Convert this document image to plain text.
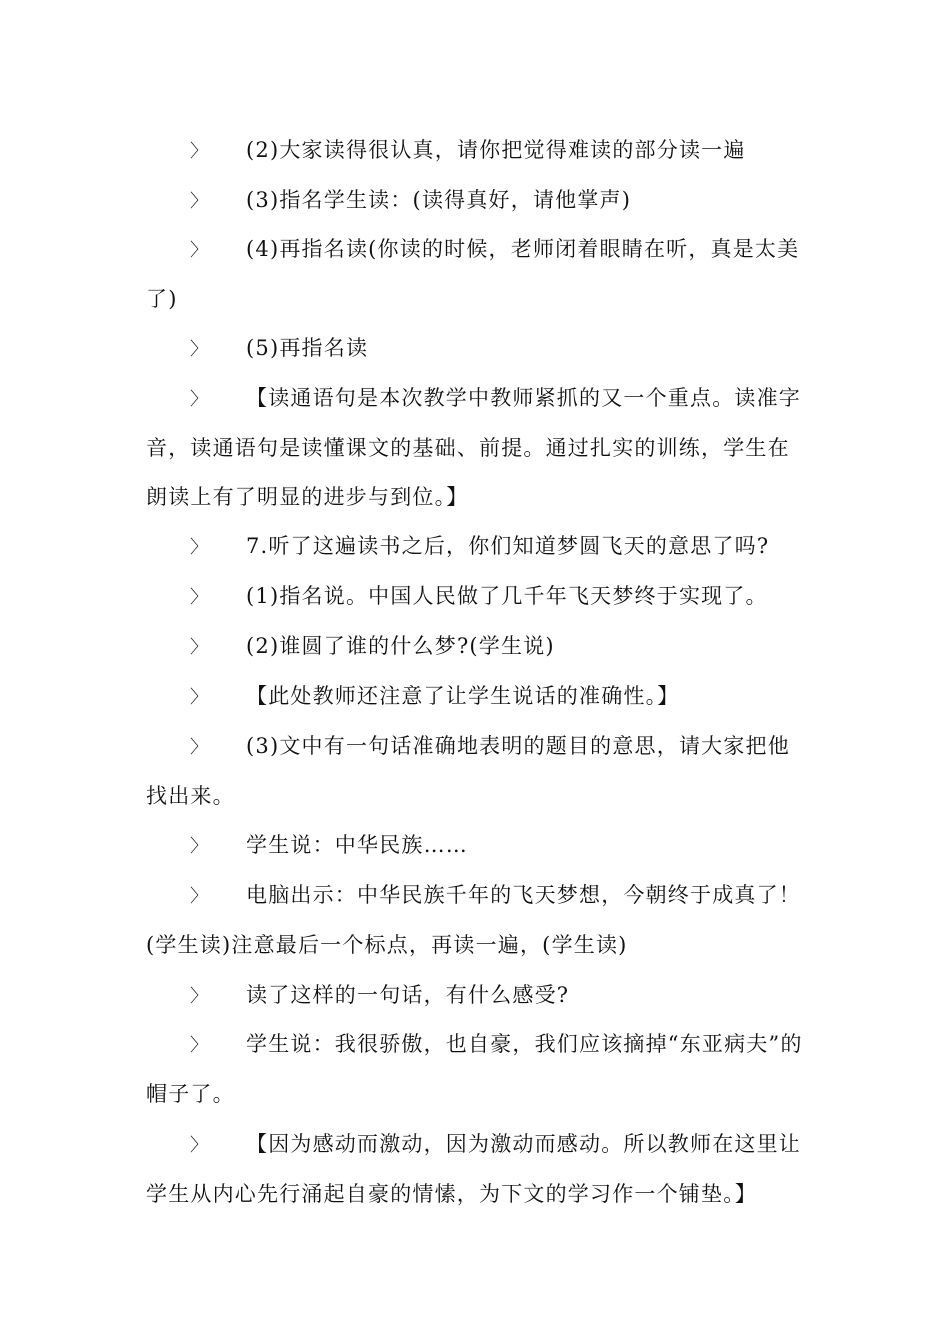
〉 (2)大家读得很认真，请你把觉得难读的部分读一遍

〉 (3)指名学生读：(读得真好，请他掌声)

〉 (4)再指名读(你读的时候，老师闭着眼睛在听，真是太美了)

〉 (5)再指名读

〉 【读通语句是本次教学中教师紧抓的又一个重点。读准字音，读通语句是读懂课文的基础、前提。通过扎实的训练，学生在朗读上有了明显的进步与到位。】

〉 7.听了这遍读书之后，你们知道梦圆飞天的意思了吗?

〉 (1)指名说。中国人民做了几千年飞天梦终于实现了。

〉 (2)谁圆了谁的什么梦?(学生说)

〉 【此处教师还注意了让学生说话的准确性。】

〉 (3)文中有一句话准确地表明的题目的意思，请大家把他找出来。

〉 学生说：中华民族……

〉 电脑出示：中华民族千年的飞天梦想，今朝终于成真了！(学生读)注意最后一个标点，再读一遍，(学生读)

〉 读了这样的一句话，有什么感受?

〉 学生说：我很骄傲，也自豪，我们应该摘掉“东亚病夫”的帽子了。

〉 【因为感动而激动，因为激动而感动。所以教师在这里让学生从内心先行涌起自豪的情愫，为下文的学习作一个铺垫。】
